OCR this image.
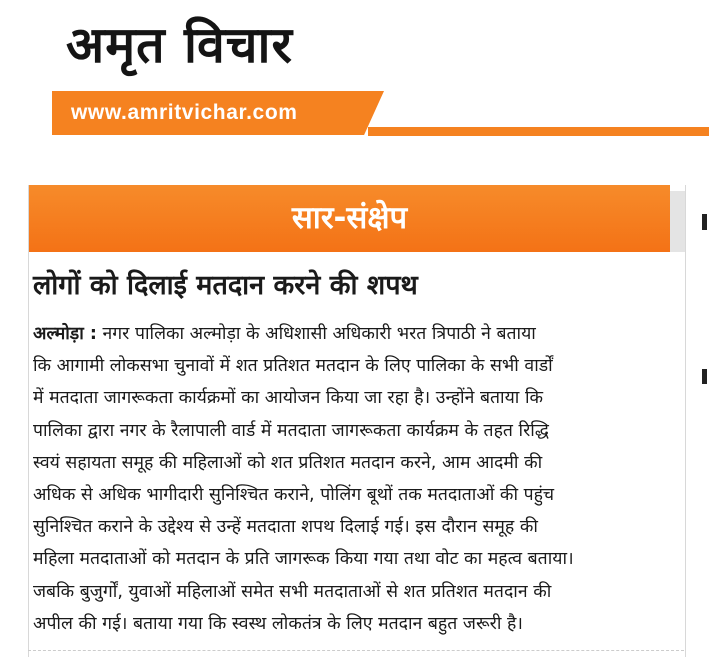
अमृत विचार
www.amritvichar.com
सार-संक्षेप
लोगों को दिलाई मतदान करने की शपथ
अल्मोड़ा : नगर पालिका अल्मोड़ा के अधिशासी अधिकारी भरत त्रिपाठी ने बताया
कि आगामी लोकसभा चुनावों में शत प्रतिशत मतदान के लिए पालिका के सभी वार्डों
में मतदाता जागरूकता कार्यक्रमों का आयोजन किया जा रहा है। उन्होंने बताया कि
पालिका द्वारा नगर के रैलापाली वार्ड में मतदाता जागरूकता कार्यक्रम के तहत रिद्धि
स्वयं सहायता समूह की महिलाओं को शत प्रतिशत मतदान करने, आम आदमी की
अधिक से अधिक भागीदारी सुनिश्चित कराने, पोलिंग बूथों तक मतदाताओं की पहुंच
सुनिश्चित कराने के उद्देश्य से उन्हें मतदाता शपथ दिलाई गई। इस दौरान समूह की
महिला मतदाताओं को मतदान के प्रति जागरूक किया गया तथा वोट का महत्व बताया।
जबकि बुजुर्गों, युवाओं महिलाओं समेत सभी मतदाताओं से शत प्रतिशत मतदान की
अपील की गई। बताया गया कि स्वस्थ लोकतंत्र के लिए मतदान बहुत जरूरी है।
